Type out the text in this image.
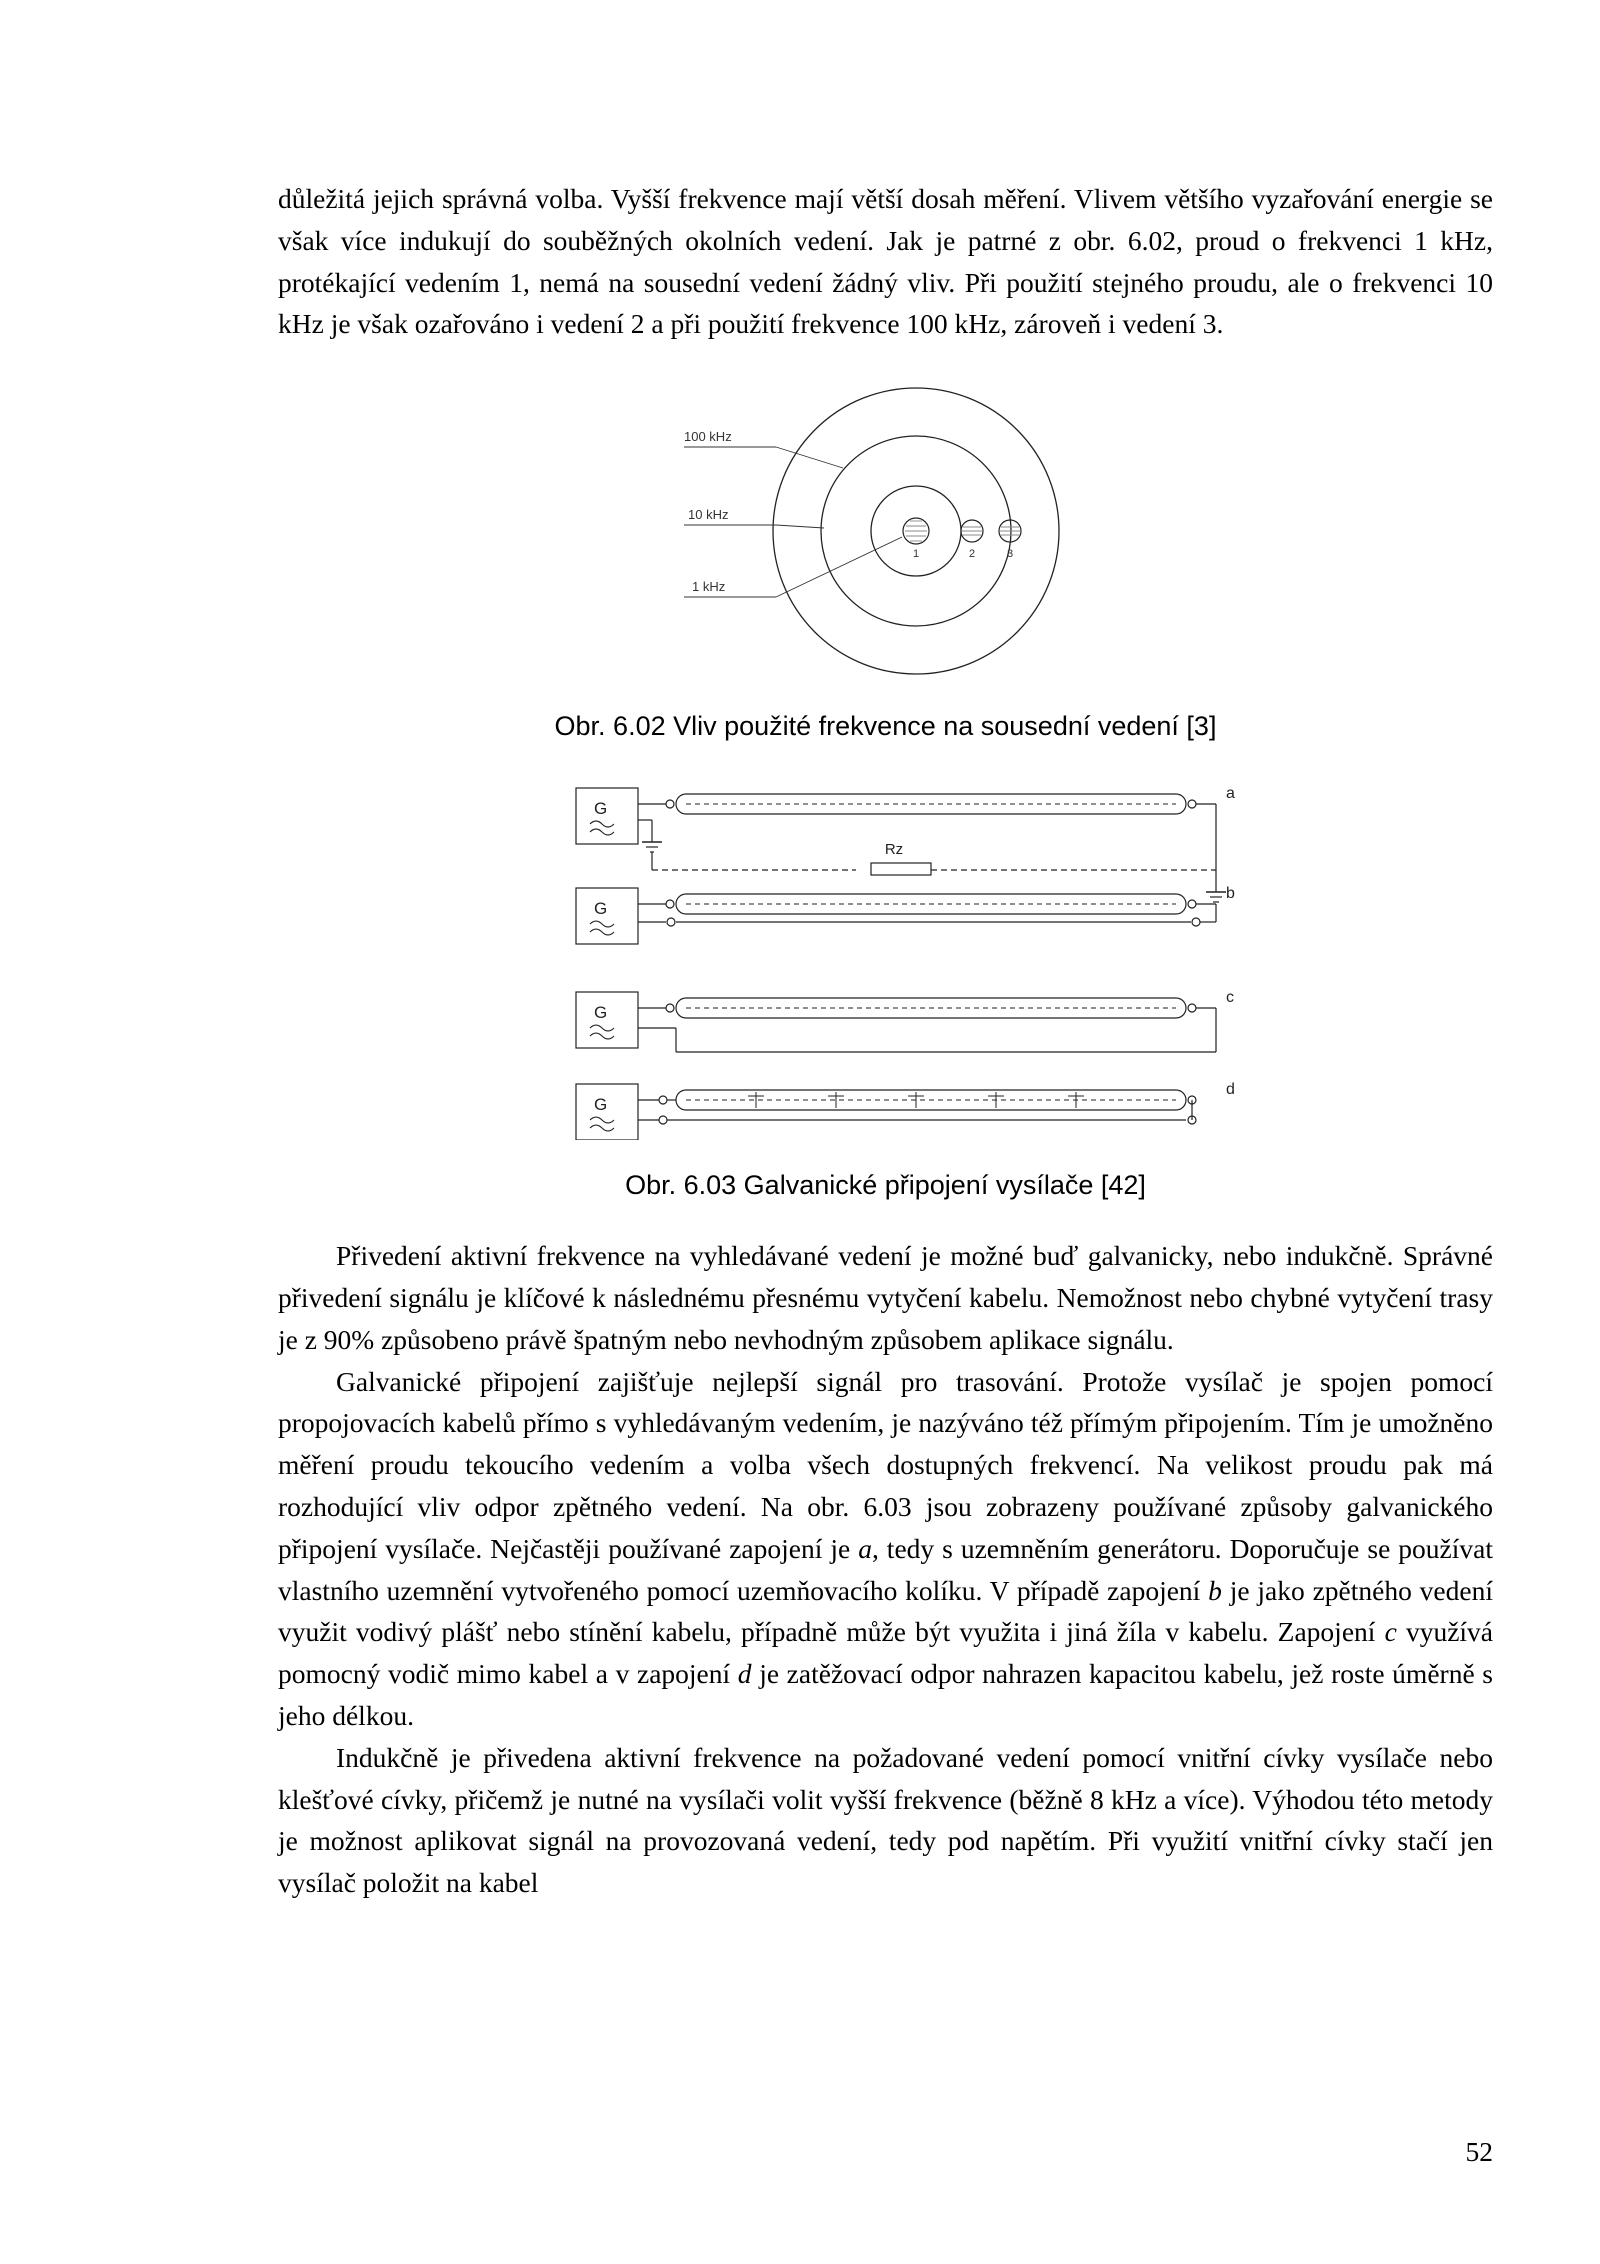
důležitá jejich správná volba. Vyšší frekvence mají větší dosah měření. Vlivem většího vyzařování energie se však více indukují do souběžných okolních vedení. Jak je patrné z obr. 6.02, proud o frekvenci 1 kHz, protékající vedením 1, nemá na sousední vedení žádný vliv. Při použití stejného proudu, ale o frekvenci 10 kHz je však ozařováno i vedení 2 a při použití frekvence 100 kHz, zároveň i vedení 3.

1	2	3
100 kHz
10 kHz
1 kHz

Obr. 6.02 Vliv použité frekvence na sousední vedení [3]

G
a
Rz
G
b
G
c
G
d

Obr. 6.03 Galvanické připojení vysílače [42]

Přivedení aktivní frekvence na vyhledávané vedení je možné buď galvanicky, nebo indukčně. Správné přivedení signálu je klíčové k následnému přesnému vytyčení kabelu. Nemožnost nebo chybné vytyčení trasy je z 90% způsobeno právě špatným nebo nevhodným způsobem aplikace signálu.

Galvanické připojení zajišťuje nejlepší signál pro trasování. Protože vysílač je spojen pomocí propojovacích kabelů přímo s vyhledávaným vedením, je nazýváno též přímým připojením. Tím je umožněno měření proudu tekoucího vedením a volba všech dostupných frekvencí. Na velikost proudu pak má rozhodující vliv odpor zpětného vedení. Na obr. 6.03 jsou zobrazeny používané způsoby galvanického připojení vysílače. Nejčastěji používané zapojení je a, tedy s uzemněním generátoru. Doporučuje se používat vlastního uzemnění vytvořeného pomocí uzemňovacího kolíku. V případě zapojení b je jako zpětného vedení využit vodivý plášť nebo stínění kabelu, případně může být využita i jiná žíla v kabelu. Zapojení c využívá pomocný vodič mimo kabel a v zapojení d je zatěžovací odpor nahrazen kapacitou kabelu, jež roste úměrně s jeho délkou.

Indukčně je přivedena aktivní frekvence na požadované vedení pomocí vnitřní cívky vysílače nebo klešťové cívky, přičemž je nutné na vysílači volit vyšší frekvence (běžně 8 kHz a více). Výhodou této metody je možnost aplikovat signál na provozovaná vedení, tedy pod napětím. Při využití vnitřní cívky stačí jen vysílač položit na kabel

52
